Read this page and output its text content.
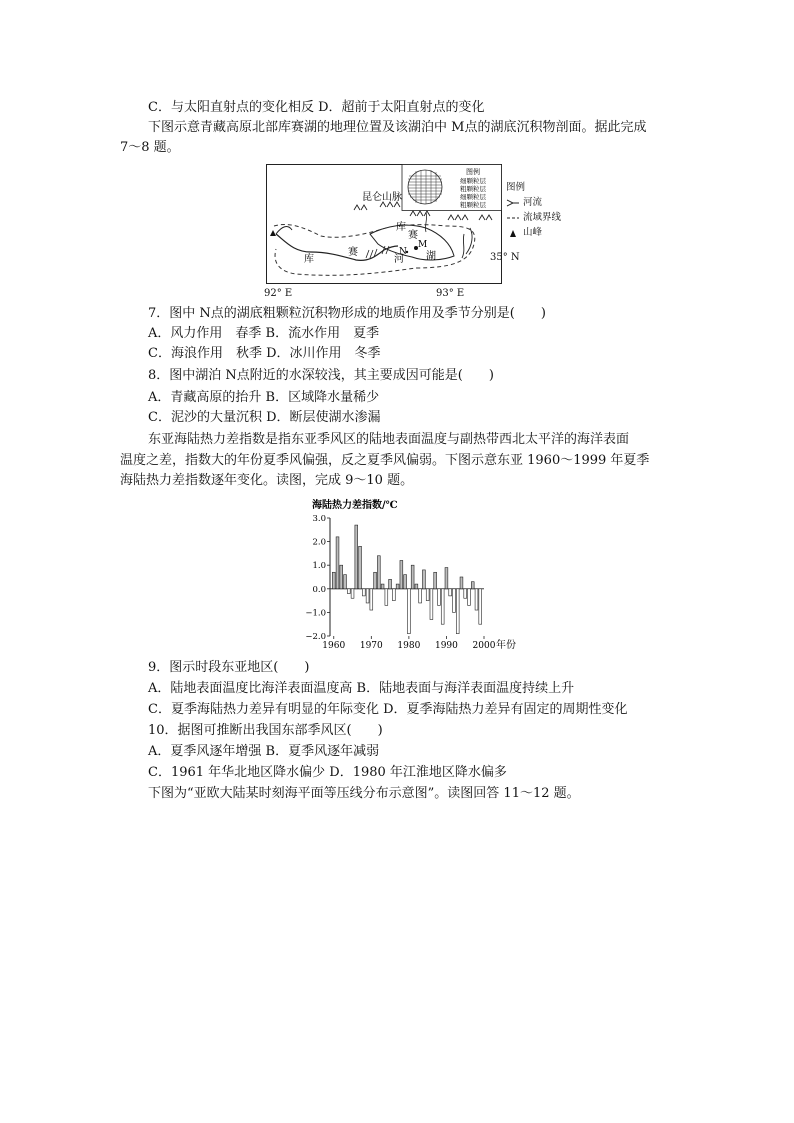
C．与太阳直射点的变化相反 D．超前于太阳直射点的变化
下图示意青藏高原北部库赛湖的地理位置及该湖泊中 M点的湖底沉积物剖面。据此完成
7～8 题。
图例
细颗粒层
粗颗粒层
细颗粒层
粗颗粒层
昆仑山脉
库
赛
河
库
赛
湖
M
N	35° N
92° E	93° E
图例
河流
流域界线
山峰
7．图中 N点的湖底粗颗粒沉积物形成的地质作用及季节分别是(　　)
A．风力作用　春季 B．流水作用　夏季
C．海浪作用　秋季 D．冰川作用　冬季
8．图中湖泊 N点附近的水深较浅，其主要成因可能是(　　)
A．青藏高原的抬升 B．区域降水量稀少
C．泥沙的大量沉积 D．断层使湖水渗漏
东亚海陆热力差指数是指东亚季风区的陆地表面温度与副热带西北太平洋的海洋表面
温度之差，指数大的年份夏季风偏强，反之夏季风偏弱。下图示意东亚 1960～1999 年夏季
海陆热力差指数逐年变化。读图，完成 9～10 题。
海陆热力差指数/℃
年份
−2.0
−1.0
0.0
1.0
2.0
3.0
1960 1970 1980 1990 2000
9．图示时段东亚地区(　　)
A．陆地表面温度比海洋表面温度高 B．陆地表面与海洋表面温度持续上升
C．夏季海陆热力差异有明显的年际变化 D．夏季海陆热力差异有固定的周期性变化
10．据图可推断出我国东部季风区(　　)
A．夏季风逐年增强 B．夏季风逐年减弱
C．1961 年华北地区降水偏少 D．1980 年江淮地区降水偏多
下图为“亚欧大陆某时刻海平面等压线分布示意图”。读图回答 11～12 题。
